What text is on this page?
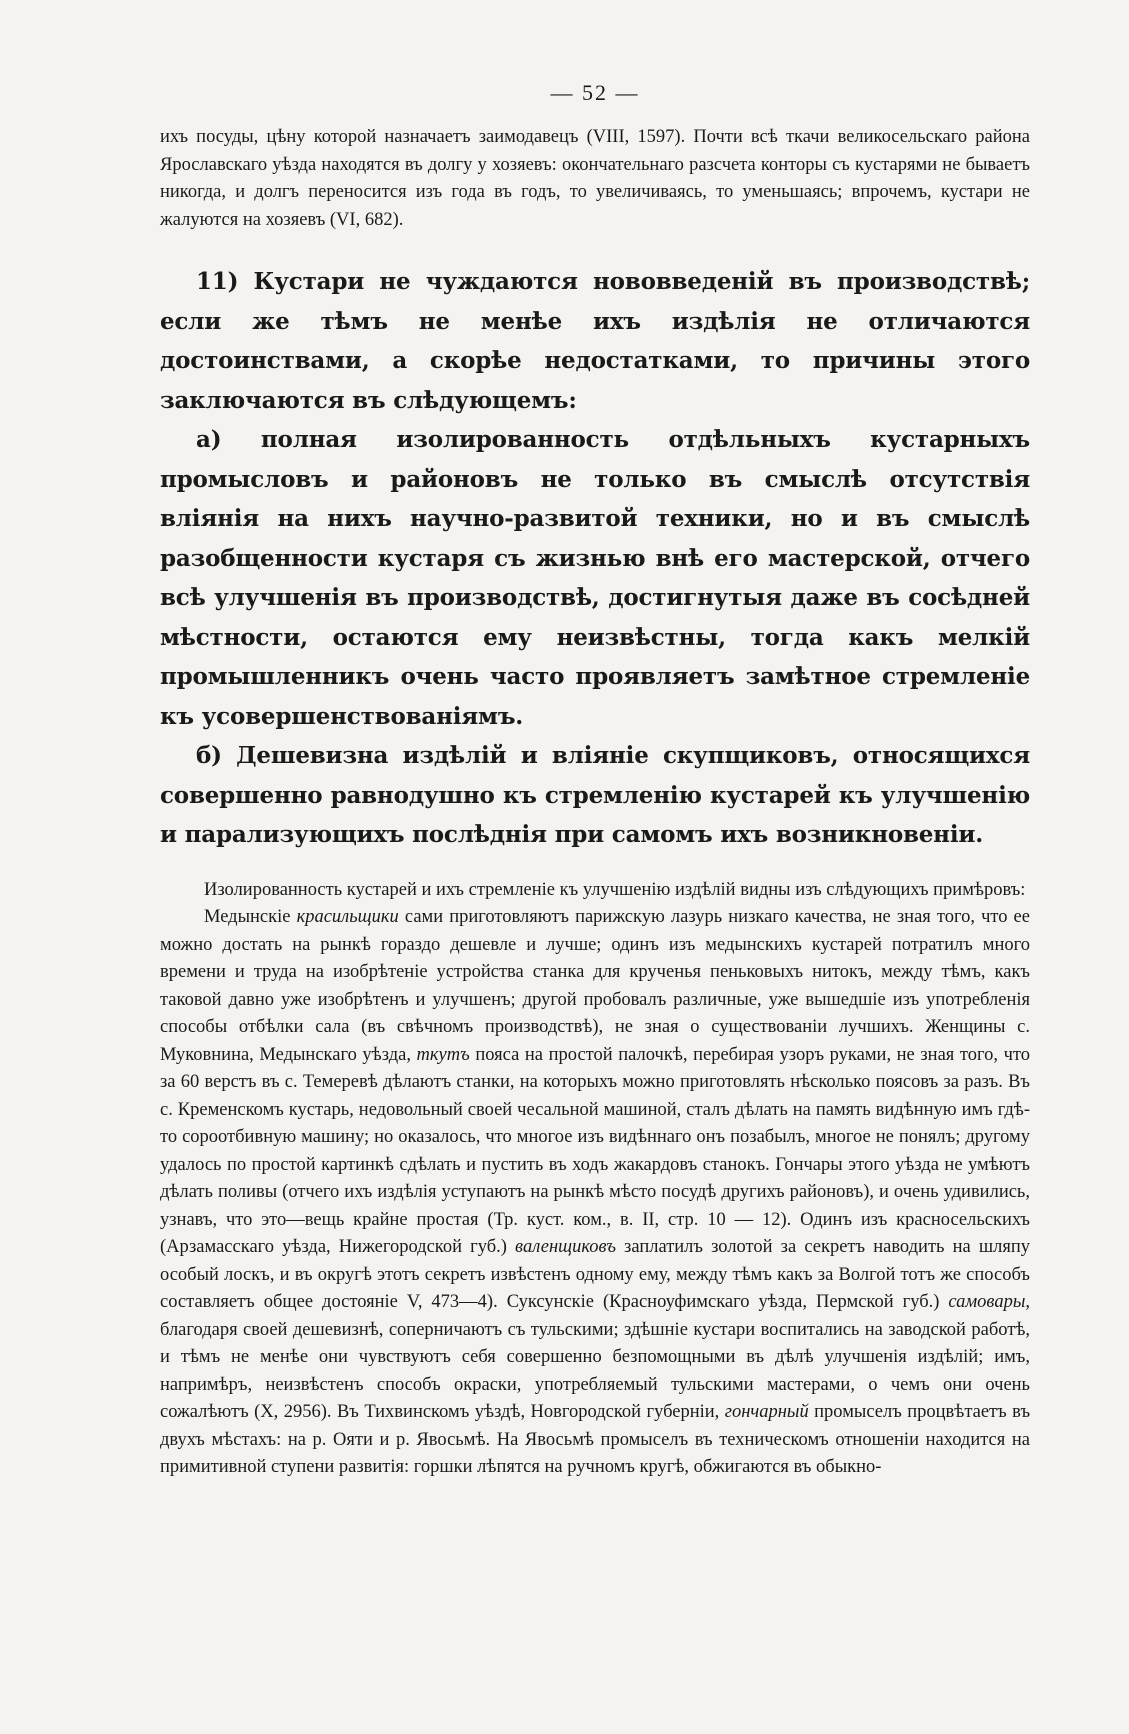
— 52 —

ихъ посуды, цѣну которой назначаетъ заимодавецъ (VIII, 1597). Почти всѣ ткачи великосельскаго района Ярославскаго уѣзда находятся въ долгу у хозяевъ: окончательнаго разсчета конторы съ кустарями не бываетъ никогда, и долгъ переносится изъ года въ годъ, то увеличиваясь, то уменьшаясь; впрочемъ, кустари не жалуются на хозяевъ (VI, 682).

11) Кустари не чуждаются нововведеній въ производствѣ; если же тѣмъ не менѣе ихъ издѣлія не отличаются достоинствами, а скорѣе недостатками, то причины этого заключаются въ слѣдующемъ:

а) полная изолированность отдѣльныхъ кустарныхъ промысловъ и районовъ не только въ смыслѣ отсутствія вліянія на нихъ научно-развитой техники, но и въ смыслѣ разобщенности кустаря съ жизнью внѣ его мастерской, отчего всѣ улучшенія въ производствѣ, достигнутыя даже въ сосѣдней мѣстности, остаются ему неизвѣстны, тогда какъ мелкій промышленникъ очень часто проявляетъ замѣтное стремленіе къ усовершенствованіямъ.

б) Дешевизна издѣлій и вліяніе скупщиковъ, относящихся совершенно равнодушно къ стремленію кустарей къ улучшенію и парализующихъ послѣднія при самомъ ихъ возникновеніи.

Изолированность кустарей и ихъ стремленіе къ улучшенію издѣлій видны изъ слѣдующихъ примѣровъ:

Медынскіе красильщики сами приготовляютъ парижскую лазурь низкаго качества, не зная того, что ее можно достать на рынкѣ гораздо дешевле и лучше; одинъ изъ медынскихъ кустарей потратилъ много времени и труда на изобрѣтеніе устройства станка для крученья пеньковыхъ нитокъ, между тѣмъ, какъ таковой давно уже изобрѣтенъ и улучшенъ; другой пробовалъ различные, уже вышедшіе изъ употребленія способы отбѣлки сала (въ свѣчномъ производствѣ), не зная о существованіи лучшихъ. Женщины с. Муковнина, Медынскаго уѣзда, ткутъ пояса на простой палочкѣ, перебирая узоръ руками, не зная того, что за 60 верстъ въ с. Темеревѣ дѣлаютъ станки, на которыхъ можно приготовлять нѣсколько поясовъ за разъ. Въ с. Кременскомъ кустарь, недовольный своей чесальной машиной, сталъ дѣлать на память видѣнную имъ гдѣ-то сороотбивную машину; но оказалось, что многое изъ видѣннаго онъ позабылъ, многое не понялъ; другому удалось по простой картинкѣ сдѣлать и пустить въ ходъ жакардовъ станокъ. Гончары этого уѣзда не умѣютъ дѣлать поливы (отчего ихъ издѣлія уступаютъ на рынкѣ мѣсто посудѣ другихъ районовъ), и очень удивились, узнавъ, что это—вещь крайне простая (Тр. куст. ком., в. II, стр. 10 — 12). Одинъ изъ красносельскихъ (Арзамасскаго уѣзда, Нижегородской губ.) валенщиковъ заплатилъ золотой за секретъ наводить на шляпу особый лоскъ, и въ округѣ этотъ секретъ извѣстенъ одному ему, между тѣмъ какъ за Волгой тотъ же способъ составляетъ общее достояніе V, 473—4). Суксунскіе (Красноуфимскаго уѣзда, Пермской губ.) самовары, благодаря своей дешевизнѣ, соперничаютъ съ тульскими; здѣшніе кустари воспитались на заводской работѣ, и тѣмъ не менѣе они чувствуютъ себя совершенно безпомощными въ дѣлѣ улучшенія издѣлій; имъ, напримѣръ, неизвѣстенъ способъ окраски, употребляемый тульскими мастерами, о чемъ они очень сожалѣютъ (X, 2956). Въ Тихвинскомъ уѣздѣ, Новгородской губерніи, гончарный промыселъ процвѣтаетъ въ двухъ мѣстахъ: на р. Ояти и р. Явосьмѣ. На Явосьмѣ промыселъ въ техническомъ отношеніи находится на примитивной ступени развитія: горшки лѣпятся на ручномъ кругѣ, обжигаются въ обыкно-
